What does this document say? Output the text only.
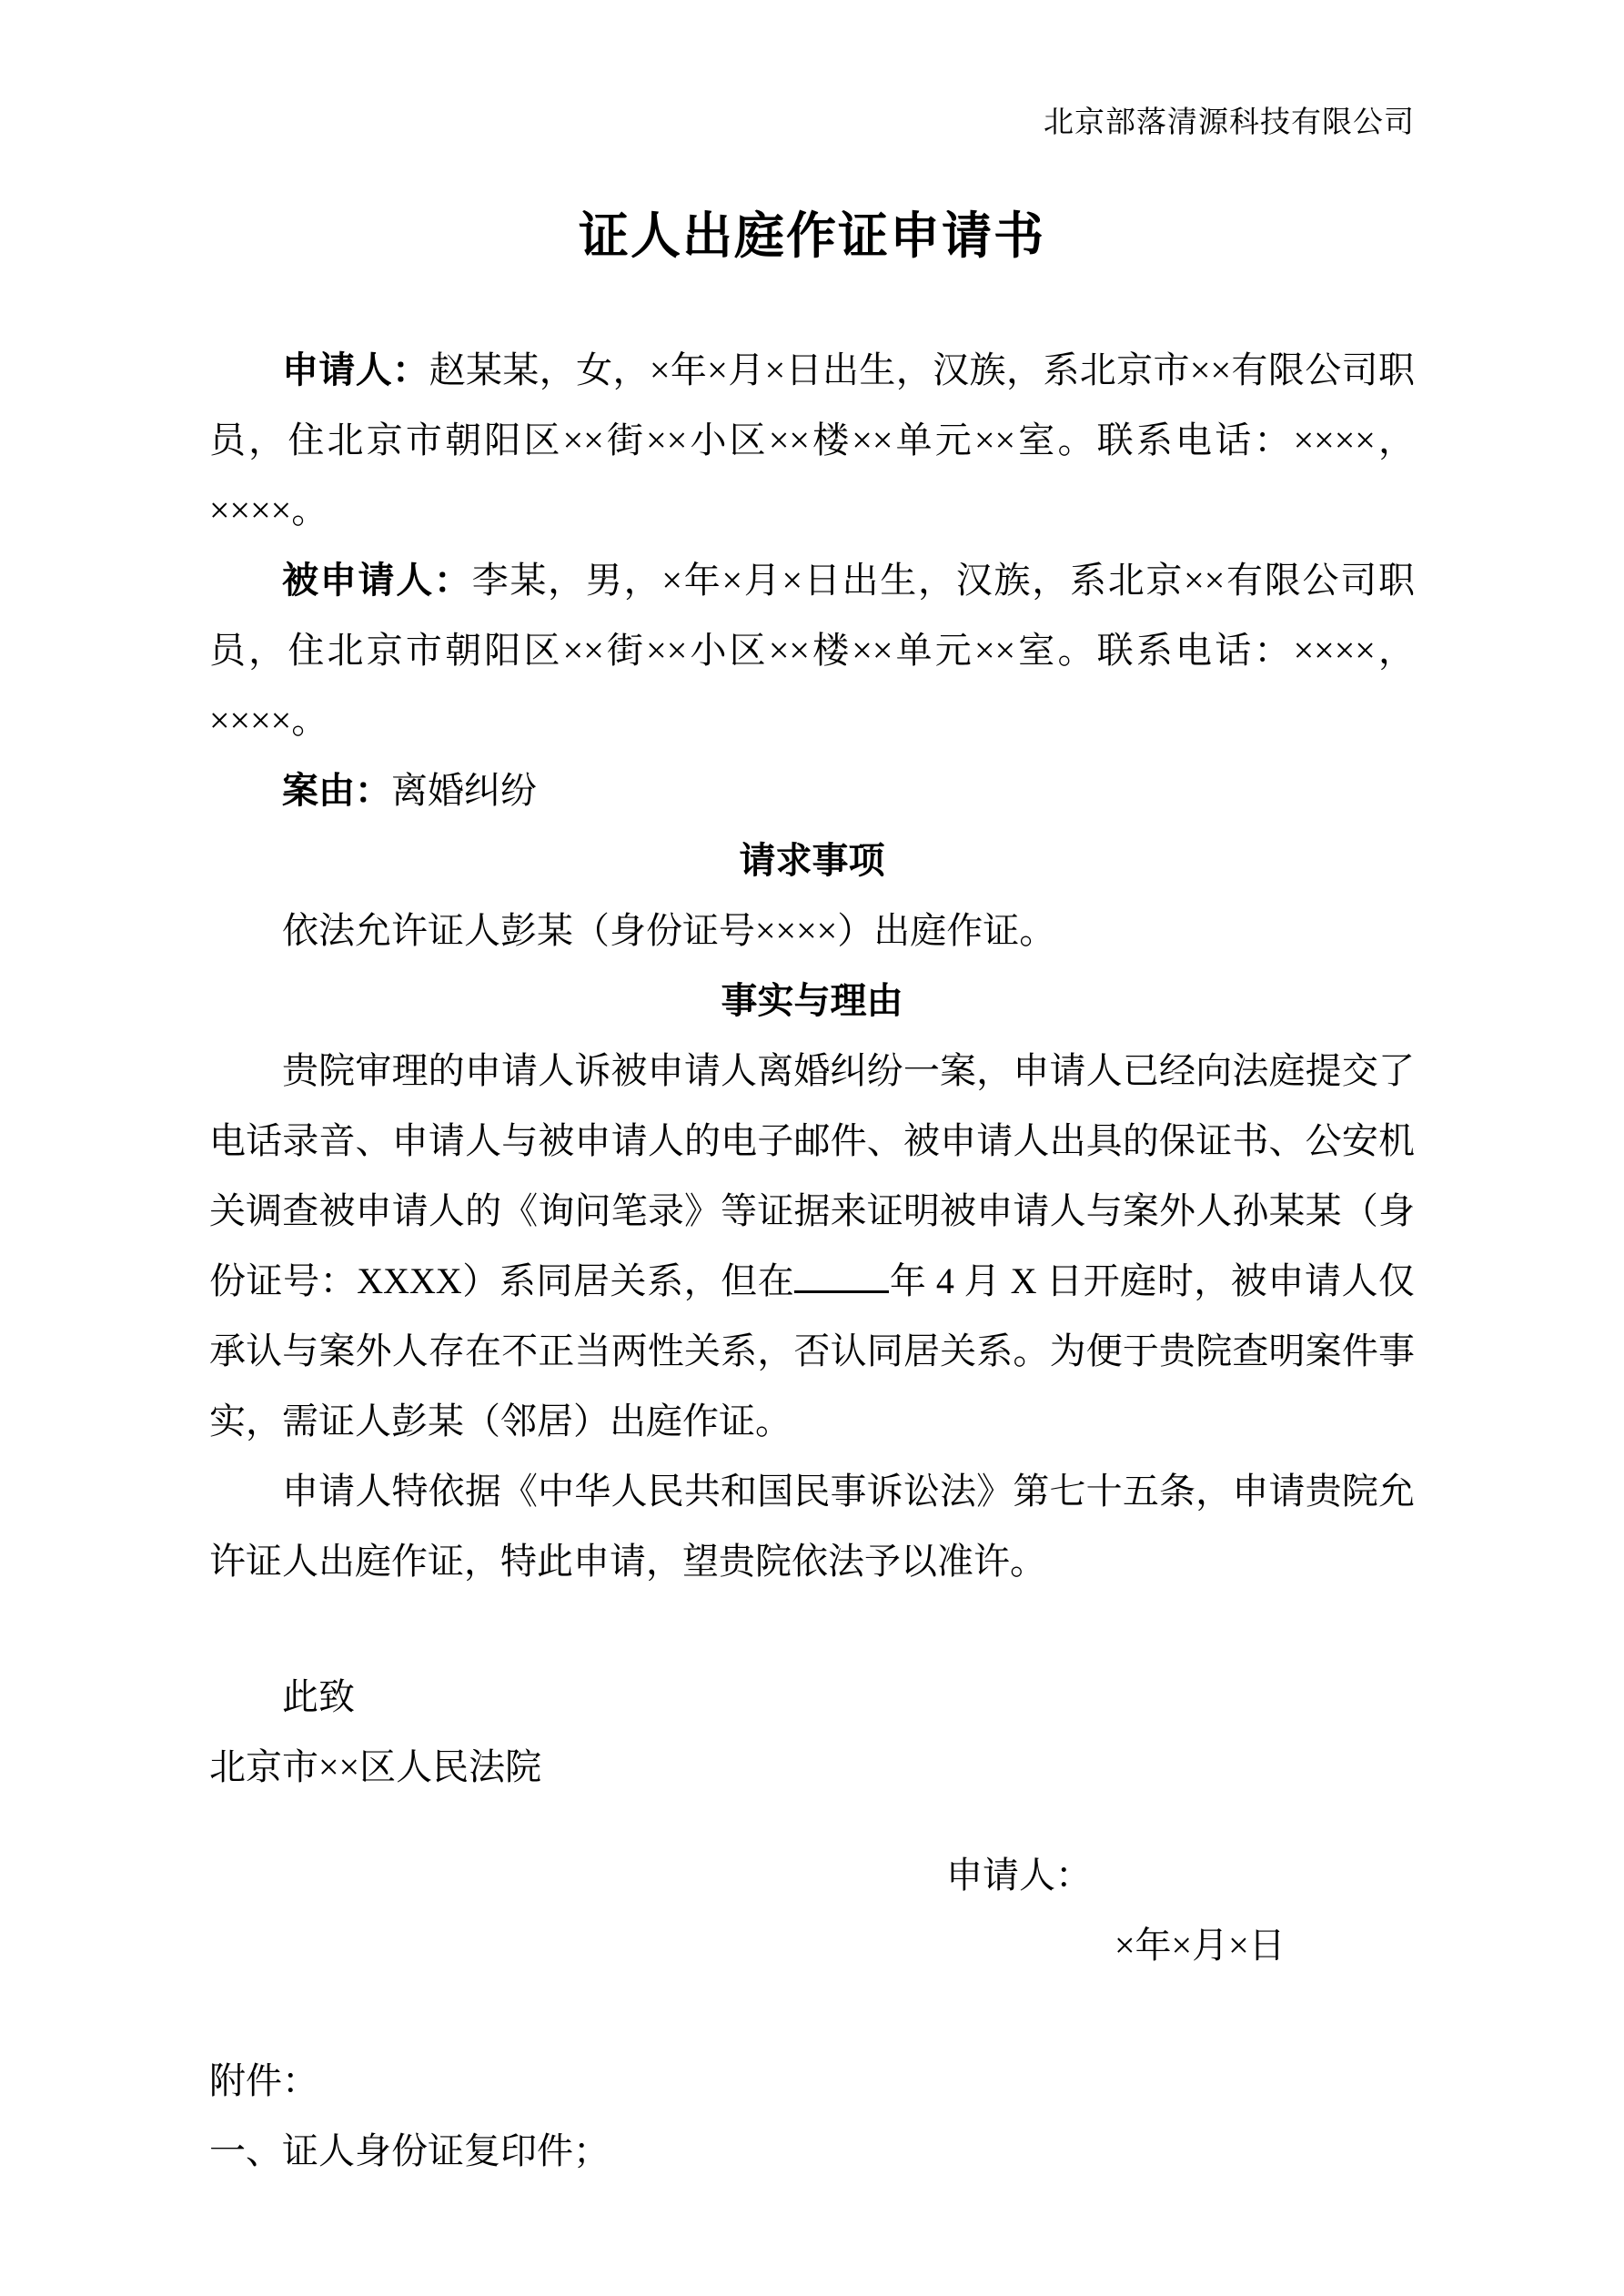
北京部落清源科技有限公司
证人出庭作证申请书

申请人：赵某某，女，×年×月×日出生，汉族，系北京市××有限公司职员，住北京市朝阳区××街××小区××楼××单元××室。联系电话：××××，××××。

被申请人：李某，男，×年×月×日出生，汉族，系北京××有限公司职员，住北京市朝阳区××街××小区××楼××单元××室。联系电话：××××，××××。

案由：离婚纠纷

请求事项

依法允许证人彭某（身份证号××××）出庭作证。

事实与理由

贵院审理的申请人诉被申请人离婚纠纷一案，申请人已经向法庭提交了电话录音、申请人与被申请人的电子邮件、被申请人出具的保证书、公安机关调查被申请人的《询问笔录》等证据来证明被申请人与案外人孙某某（身份证号：XXXX）系同居关系，但在	年 4 月 X 日开庭时，被申请人仅承认与案外人存在不正当两性关系，否认同居关系。为便于贵院查明案件事实，需证人彭某（邻居）出庭作证。

申请人特依据《中华人民共和国民事诉讼法》第七十五条，申请贵院允许证人出庭作证，特此申请，望贵院依法予以准许。

此致

北京市××区人民法院

申请人：

×年×月×日

附件：

一、证人身份证复印件；
